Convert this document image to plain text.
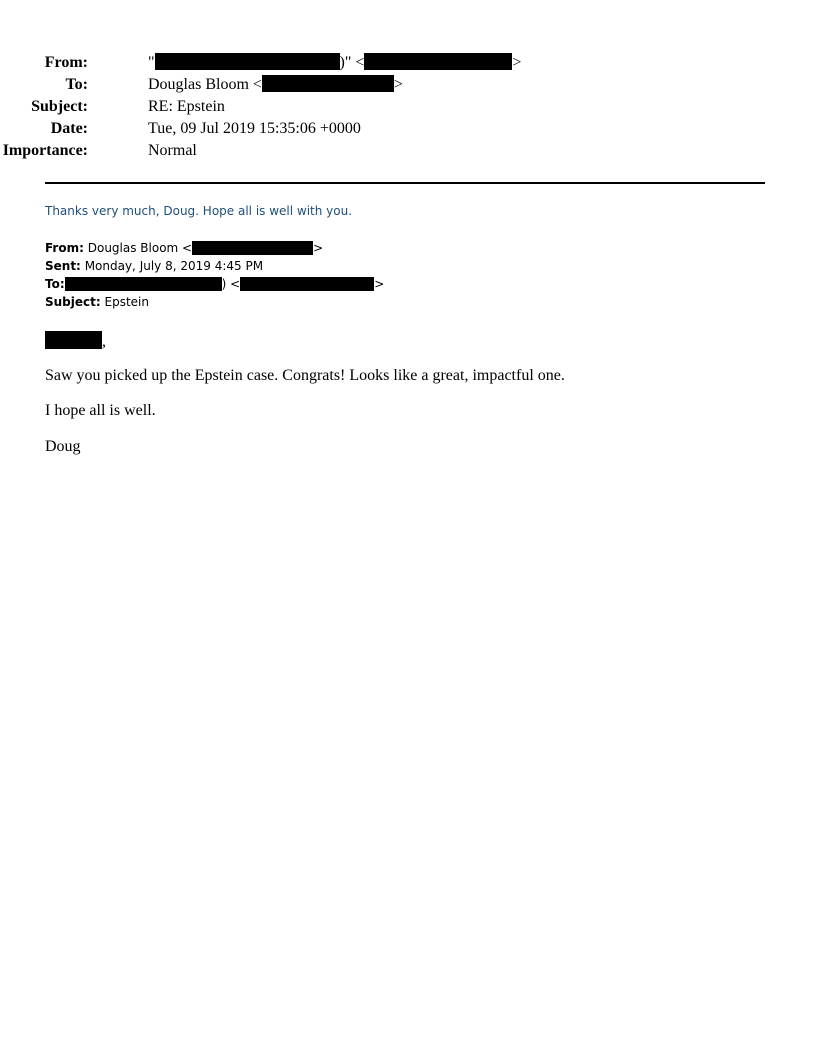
From:	"	)" <	>
To:	Douglas Bloom <	>
Subject:	RE: Epstein
Date:	Tue, 09 Jul 2019 15:35:06 +0000
Importance:	Normal
Thanks very much, Doug. Hope all is well with you.
From: Douglas Bloom <	>
Sent: Monday, July 8, 2019 4:45 PM
To:	) <	>
Subject: Epstein
,
Saw you picked up the Epstein case. Congrats! Looks like a great, impactful one.
I hope all is well.
Doug
